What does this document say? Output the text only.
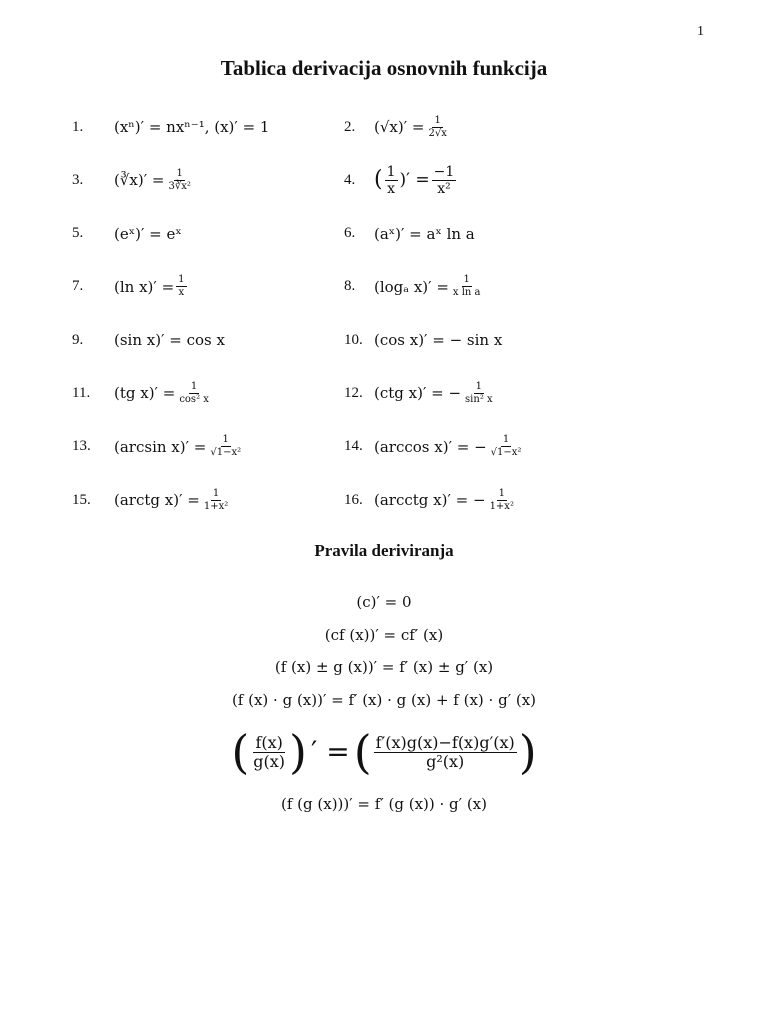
1
Tablica derivacija osnovnih funkcija
1.	(xⁿ)′ = nxⁿ⁻¹, (x)′ = 1	2.	$(√x)' = \frac{1}{2√x}$
3.	(∛x)′ = $\frac{1}{\text{3∛x²}}$	4. ( $\frac{1}{x}$ )′ = $\frac{-1}{\text{x²}}$
5.	(eˣ)′ = eˣ	6.	(aˣ)′ = aˣ ln a
7.	(ln $x)' = \frac{1}{x}$	8.	(logₐ $x)' = \frac{1}{\text{x ln a}}$
9.	(sin x)′ = cos x	10. (cos x)′ = − sin x
11.	(tg $x)' = \frac{1}{\text{cos² x}}$	12. (ctg x)′ = − $\frac{1}{\text{sin² x}}$
13.	(arcsin $x)' = \frac{1}{\text{√1−x²}}$	14. (arccos x)′ = − $\frac{1}{\text{√1−x²}}$
15.	(arctg $x)' = \frac{1}{\text{1+x²}}$	16. (arcctg x)′ = − $\frac{1}{\text{1+x²}}$
Pravila deriviranja
(c)′ = 0
(cf (x))′ = cf′ (x)
(f (x) ± g (x))′ = f′ (x) ± g′ (x)
(f (x) · g (x))′ = f′ (x) · g (x) + f (x) · g′ (x)
( $\frac{f(x)}{g(x)}$ ) ′ = ( $\frac{f'(x)g(x)-f(x)g'(x)}{\text{g²(x)}}$ )
(f (g (x)))′ = f′ (g (x)) · g′ (x)
